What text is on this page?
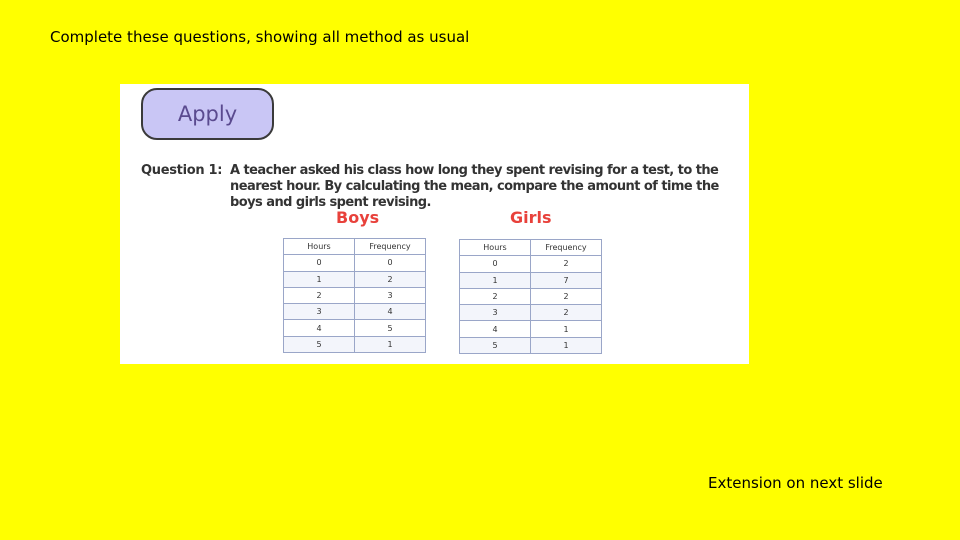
Complete these questions, showing all method as usual
Apply
Question 1: A teacher asked his class how long they spent revising for a test, to the nearest hour. By calculating the mean, compare the amount of time the boys and girls spent revising.
Boys	Girls
Hours	Frequency
0	0
1	2
2	3
3	4
4	5
5	1
Hours	Frequency
0	2
1	7
2	2
3	2
4	1
5	1
Extension on next slide
